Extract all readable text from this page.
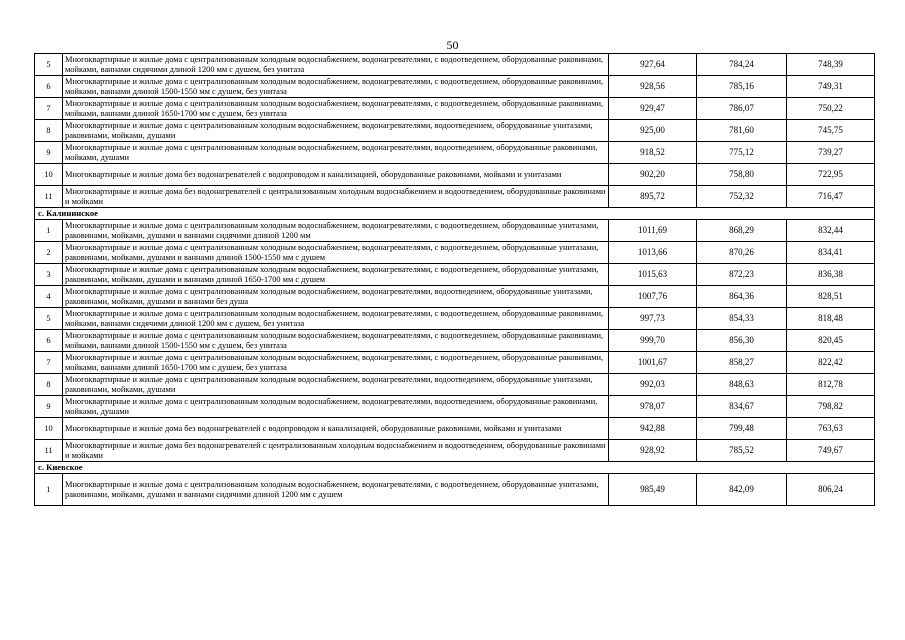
50
5	Многоквартирные и жилые дома с централизованным холодным водоснабжением, водонагревателями, с водоотведением, оборудованные раковинами, мойками, ваннами сидячими длиной 1200 мм с душем, без унитаза	927,64	784,24	748,39
6	Многоквартирные и жилые дома с централизованным холодным водоснабжением, водонагревателями, с водоотведением, оборудованные раковинами, мойками, ваннами длиной 1500-1550 мм с душем, без унитаза	928,56	785,16	749,31
7	Многоквартирные и жилые дома с централизованным холодным водоснабжением, водонагревателями, с водоотведением, оборудованные раковинами, мойками, ваннами длиной 1650-1700 мм с душем, без унитаза	929,47	786,07	750,22
8	Многоквартирные и жилые дома с централизованным холодным водоснабжением, водонагревателями, водоотведением, оборудованные унитазами, раковинами, мойками, душами	925,00	781,60	745,75
9	Многоквартирные и жилые дома с централизованным холодным водоснабжением, водонагревателями, водоотведением, оборудованные раковинами, мойками, душами	918,52	775,12	739,27
10	Многоквартирные и жилые дома без водонагревателей с водопроводом и канализацией, оборудованные раковинами, мойками и унитазами	902,20	758,80	722,95
11	Многоквартирные и жилые дома без водонагревателей с централизованным холодным водоснабжением и водоотведением, оборудованные раковинами и мойками	895,72	752,32	716,47
с. Калининское				
1	Многоквартирные и жилые дома с централизованным холодным водоснабжением, водонагревателями, с водоотведением, оборудованные унитазами, раковинами, мойками, душами и ваннами сидячими длиной 1200 мм	1011,69	868,29	832,44
2	Многоквартирные и жилые дома с централизованным холодным водоснабжением, водонагревателями, с водоотведением, оборудованные унитазами, раковинами, мойками, душами и ваннами длиной 1500-1550 мм с душем	1013,66	870,26	834,41
3	Многоквартирные и жилые дома с централизованным холодным водоснабжением, водонагревателями, с водоотведением, оборудованные унитазами, раковинами, мойками, душами и ваннами длиной 1650-1700 мм с душем	1015,63	872,23	836,38
4	Многоквартирные и жилые дома с централизованным холодным водоснабжением, водонагревателями, водоотведением, оборудованные унитазами, раковинами, мойками, душами и ваннами без душа	1007,76	864,36	828,51
5	Многоквартирные и жилые дома с централизованным холодным водоснабжением, водонагревателями, с водоотведением, оборудованные раковинами, мойками, ваннами сидячими длиной 1200 мм с душем, без унитаза	997,73	854,33	818,48
6	Многоквартирные и жилые дома с централизованным холодным водоснабжением, водонагревателями, с водоотведением, оборудованные раковинами, мойками, ваннами длиной 1500-1550 мм с душем, без унитаза	999,70	856,30	820,45
7	Многоквартирные и жилые дома с централизованным холодным водоснабжением, водонагревателями, с водоотведением, оборудованные раковинами, мойками, ваннами длиной 1650-1700 мм с душем, без унитаза	1001,67	858,27	822,42
8	Многоквартирные и жилые дома с централизованным холодным водоснабжением, водонагревателями, водоотведением, оборудованные унитазами, раковинами, мойками, душами	992,03	848,63	812,78
9	Многоквартирные и жилые дома с централизованным холодным водоснабжением, водонагревателями, водоотведением, оборудованные раковинами, мойками, душами	978,07	834,67	798,82
10	Многоквартирные и жилые дома без водонагревателей с водопроводом и канализацией, оборудованные раковинами, мойками и унитазами	942,88	799,48	763,63
11	Многоквартирные и жилые дома без водонагревателей с централизованным холодным водоснабжением и водоотведением, оборудованные раковинами и мойками	928,92	785,52	749,67
с. Киевское				
1	Многоквартирные и жилые дома с централизованным холодным водоснабжением, водонагревателями, с водоотведением, оборудованные унитазами, раковинами, мойками, душами и ваннами сидячими длиной 1200 мм с душем	985,49	842,09	806,24
